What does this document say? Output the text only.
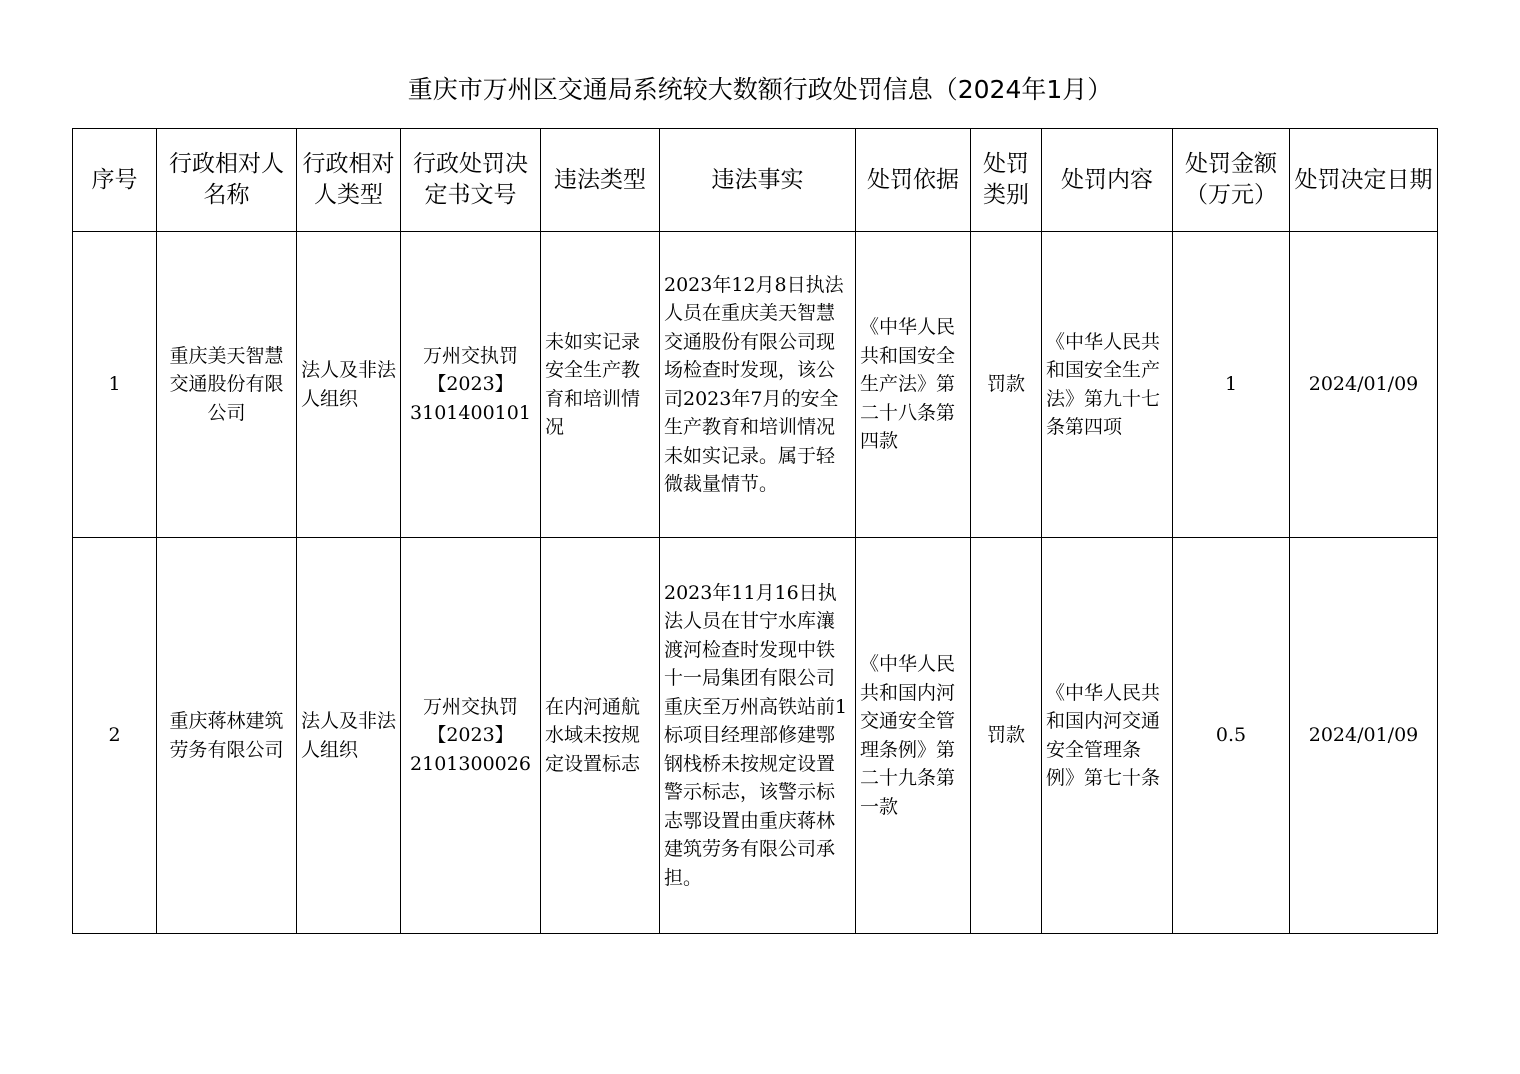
重庆市万州区交通局系统较大数额行政处罚信息（2024年1月）
序号	行政相对人名称	行政相对人类型	行政处罚决定书文号	违法类型	违法事实	处罚依据	处罚类别	处罚内容	处罚金额（万元）	处罚决定日期
1	重庆美天智慧交通股份有限公司	法人及非法人组织	万州交执罚【2023】3101400101	未如实记录安全生产教育和培训情况	2023年12月8日执法人员在重庆美天智慧交通股份有限公司现场检查时发现，该公司2023年7月的安全生产教育和培训情况未如实记录。属于轻微裁量情节。	《中华人民共和国安全生产法》第二十八条第四款	罚款	《中华人民共和国安全生产法》第九十七条第四项	1	2024/01/09
2	重庆蒋林建筑劳务有限公司	法人及非法人组织	万州交执罚【2023】2101300026	在内河通航水域未按规定设置标志	2023年11月16日执法人员在甘宁水库瀼渡河检查时发现中铁十一局集团有限公司重庆至万州高铁站前1标项目经理部修建鄂钢栈桥未按规定设置警示标志，该警示标志鄂设置由重庆蒋林建筑劳务有限公司承担。	《中华人民共和国内河交通安全管理条例》第二十九条第一款	罚款	《中华人民共和国内河交通安全管理条例》第七十条	0.5	2024/01/09
